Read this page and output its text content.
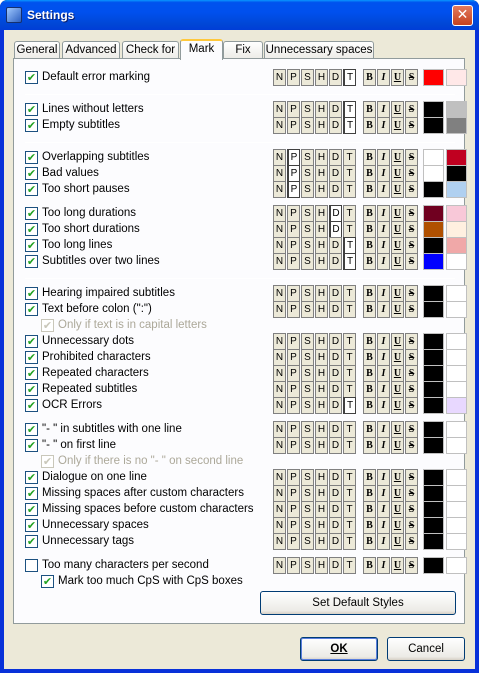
Settings	✕
General Advanced Check for	Mark	Fix	Unnecessary spaces
✔ Default error marking	N P S H D T	B I U S
✔ Lines without letters	N P S H D T	B I U S
✔ Empty subtitles	N P S H D T	B I U S
✔ Overlapping subtitles	N P S H D T	B I U S
✔ Bad values	N P S H D T	B I U S
✔ Too short pauses	N P S H D T	B I U S
✔ Too long durations	N P S H D T	B I U S
✔ Too short durations	N P S H D T	B I U S
✔ Too long lines	N P S H D T	B I U S
✔ Subtitles over two lines	N P S H D T	B I U S
✔ Hearing impaired subtitles	N P S H D T	B I U S
✔ Text before colon (":")	N P S H D T	B I U S
✔ Only if text is in capital letters
✔ Unnecessary dots	N P S H D T	B I U S
✔ Prohibited characters	N P S H D T	B I U S
✔ Repeated characters	N P S H D T	B I U S
✔ Repeated subtitles	N P S H D T	B I U S
✔ OCR Errors	N P S H D T	B I U S
✔ "- " in subtitles with one line	N P S H D T	B I U S
✔ "- " on first line	N P S H D T	B I U S
✔ Only if there is no "- " on second line
✔ Dialogue on one line	N P S H D T	B I U S
✔ Missing spaces after custom characters	N P S H D T	B I U S
✔ Missing spaces before custom characters N P S H D T	B I U S
✔ Unnecessary spaces	N P S H D T	B I U S
✔ Unnecessary tags	N P S H D T	B I U S
Too many characters per second	N P S H D T	B I U S
✔ Mark too much CpS with CpS boxes
Set Default Styles
OK	Cancel
